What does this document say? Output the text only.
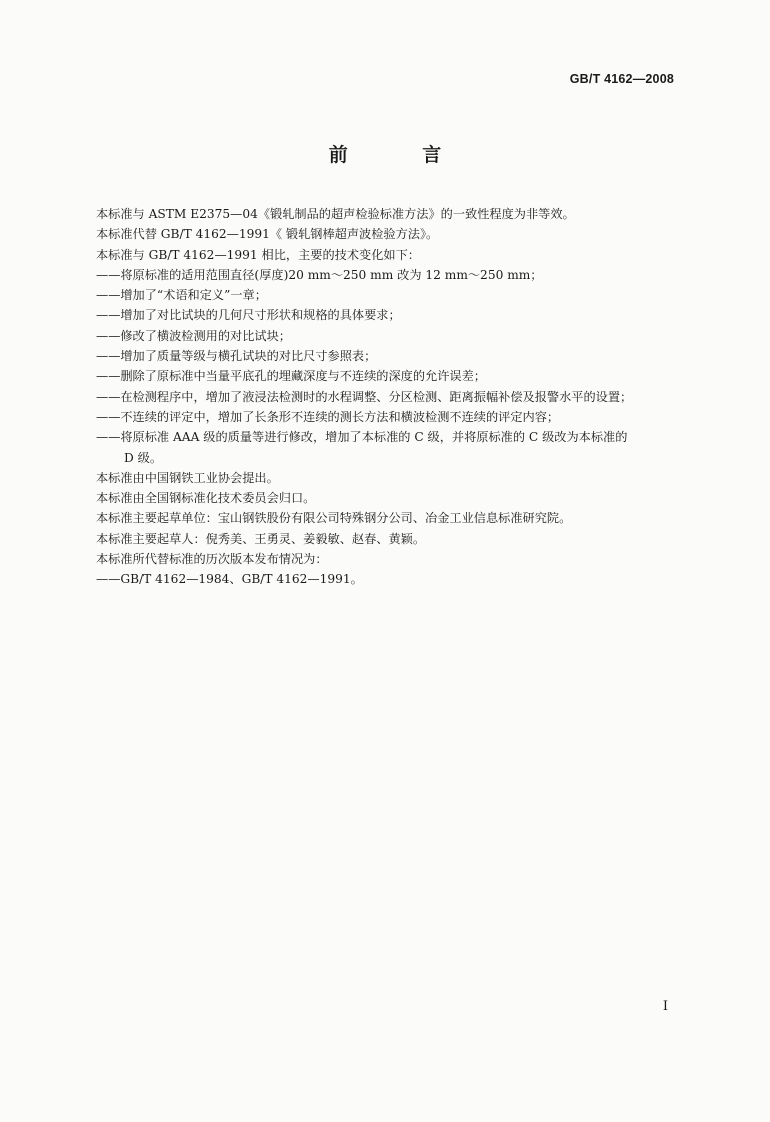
GB/T 4162—2008
前 言
本标准与 ASTM E2375—04《锻轧制品的超声检验标准方法》的一致性程度为非等效。
本标准代替 GB/T 4162—1991《 锻轧钢棒超声波检验方法》。
本标准与 GB/T 4162—1991 相比，主要的技术变化如下：
——将原标准的适用范围直径(厚度)20 mm～250 mm 改为 12 mm～250 mm；
——增加了“术语和定义”一章；
——增加了对比试块的几何尺寸形状和规格的具体要求；
——修改了横波检测用的对比试块；
——增加了质量等级与横孔试块的对比尺寸参照表；
——删除了原标准中当量平底孔的埋藏深度与不连续的深度的允许误差；
——在检测程序中，增加了液浸法检测时的水程调整、分区检测、距离振幅补偿及报警水平的设置；
——不连续的评定中，增加了长条形不连续的测长方法和横波检测不连续的评定内容；
——将原标准 AAA 级的质量等进行修改，增加了本标准的 C 级，并将原标准的 C 级改为本标准的
D 级。
本标准由中国钢铁工业协会提出。
本标准由全国钢标准化技术委员会归口。
本标准主要起草单位：宝山钢铁股份有限公司特殊钢分公司、冶金工业信息标准研究院。
本标准主要起草人：倪秀美、王勇灵、姜毅敏、赵春、黄颖。
本标准所代替标准的历次版本发布情况为：
——GB/T 4162—1984、GB/T 4162—1991。
I
